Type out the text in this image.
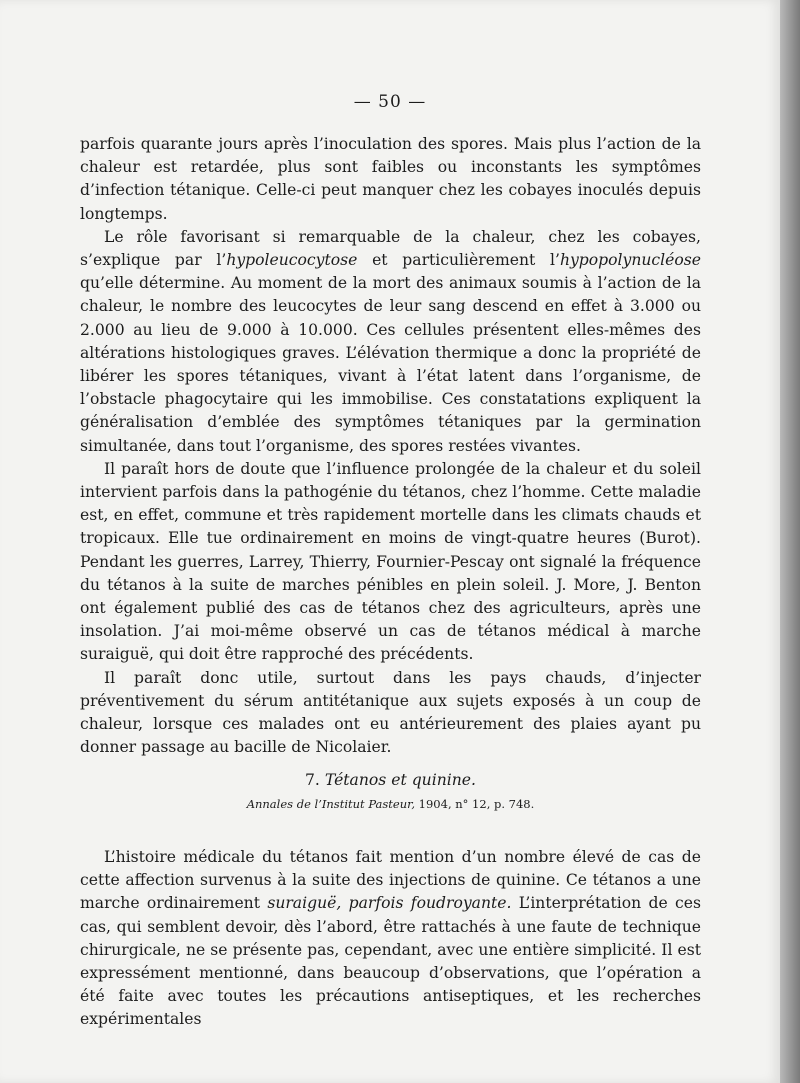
— 50 —

parfois quarante jours après l’inoculation des spores. Mais plus l’action de la chaleur est retardée, plus sont faibles ou inconstants les symptômes d’infection tétanique. Celle-ci peut manquer chez les cobayes inoculés depuis longtemps.

Le rôle favorisant si remarquable de la chaleur, chez les cobayes, s’explique par l’hypoleucocytose et particulièrement l’hypopolynucléose qu’elle détermine. Au moment de la mort des animaux soumis à l’action de la chaleur, le nombre des leucocytes de leur sang descend en effet à 3.000 ou 2.000 au lieu de 9.000 à 10.000. Ces cellules présentent elles-mêmes des altérations histologiques graves. L’élévation thermique a donc la propriété de libérer les spores tétaniques, vivant à l’état latent dans l’organisme, de l’obstacle phagocytaire qui les immobilise. Ces constatations expliquent la généralisation d’emblée des symptômes tétaniques par la germination simultanée, dans tout l’organisme, des spores restées vivantes.

Il paraît hors de doute que l’influence prolongée de la chaleur et du soleil intervient parfois dans la pathogénie du tétanos, chez l’homme. Cette maladie est, en effet, commune et très rapidement mortelle dans les climats chauds et tropicaux. Elle tue ordinairement en moins de vingt-quatre heures (Burot). Pendant les guerres, Larrey, Thierry, Fournier-Pescay ont signalé la fréquence du tétanos à la suite de marches pénibles en plein soleil. J. More, J. Benton ont également publié des cas de tétanos chez des agriculteurs, après une insolation. J’ai moi-même observé un cas de tétanos médical à marche suraiguë, qui doit être rapproché des précédents.

Il paraît donc utile, surtout dans les pays chauds, d’injecter préventivement du sérum antitétanique aux sujets exposés à un coup de chaleur, lorsque ces malades ont eu antérieurement des plaies ayant pu donner passage au bacille de Nicolaier.

7. Tétanos et quinine.
Annales de l’Institut Pasteur, 1904, n° 12, p. 748.

L’histoire médicale du tétanos fait mention d’un nombre élevé de cas de cette affection survenus à la suite des injections de quinine. Ce tétanos a une marche ordinairement suraiguë, parfois foudroyante. L’interprétation de ces cas, qui semblent devoir, dès l’abord, être rattachés à une faute de technique chirurgicale, ne se présente pas, cependant, avec une entière simplicité. Il est expressément mentionné, dans beaucoup d’observations, que l’opération a été faite avec toutes les précautions antiseptiques, et les recherches expérimentales
